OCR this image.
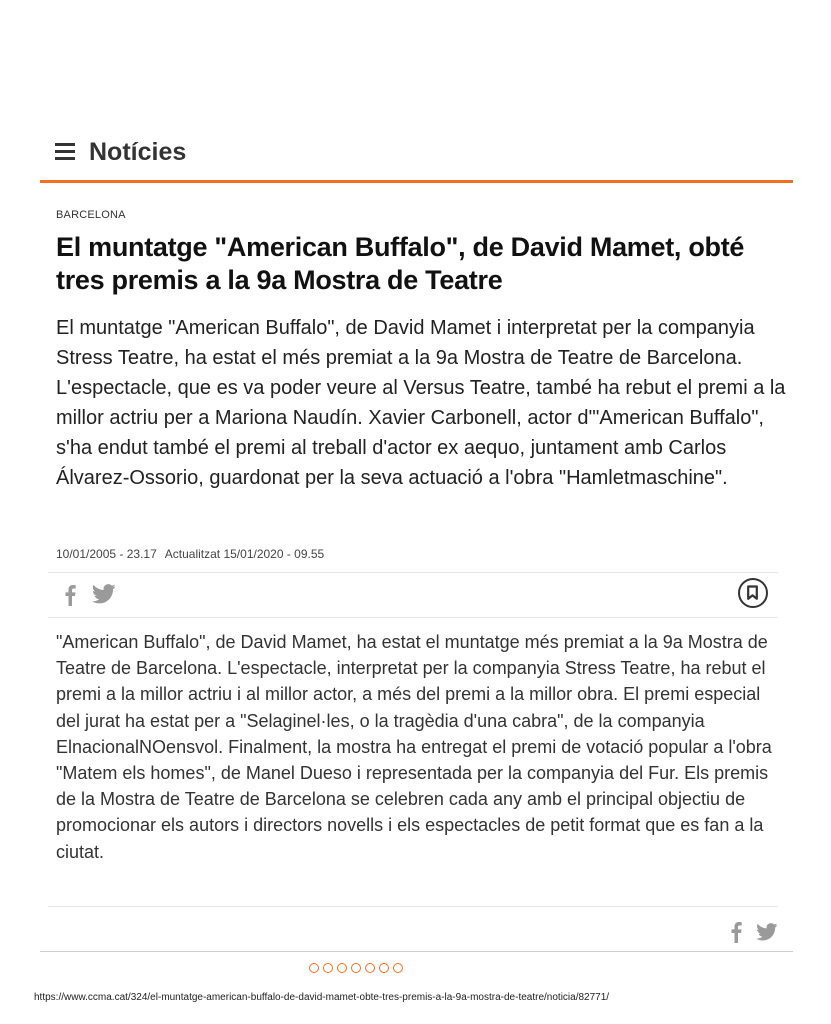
Notícies
BARCELONA
El muntatge "American Buffalo", de David Mamet, obté tres premis a la 9a Mostra de Teatre
El muntatge "American Buffalo", de David Mamet i interpretat per la companyia Stress Teatre, ha estat el més premiat a la 9a Mostra de Teatre de Barcelona. L'espectacle, que es va poder veure al Versus Teatre, també ha rebut el premi a la millor actriu per a Mariona Naudín. Xavier Carbonell, actor d'"American Buffalo", s'ha endut també el premi al treball d'actor ex aequo, juntament amb Carlos Álvarez-Ossorio, guardonat per la seva actuació a l'obra "Hamletmaschine".
10/01/2005 - 23.17 Actualitzat 15/01/2020 - 09.55
"American Buffalo", de David Mamet, ha estat el muntatge més premiat a la 9a Mostra de Teatre de Barcelona. L'espectacle, interpretat per la companyia Stress Teatre, ha rebut el premi a la millor actriu i al millor actor, a més del premi a la millor obra. El premi especial del jurat ha estat per a "Selaginel·les, o la tragèdia d'una cabra", de la companyia ElnacionalNOensvol. Finalment, la mostra ha entregat el premi de votació popular a l'obra "Matem els homes", de Manel Dueso i representada per la companyia del Fur. Els premis de la Mostra de Teatre de Barcelona se celebren cada any amb el principal objectiu de promocionar els autors i directors novells i els espectacles de petit format que es fan a la ciutat.
https://www.ccma.cat/324/el-muntatge-american-buffalo-de-david-mamet-obte-tres-premis-a-la-9a-mostra-de-teatre/noticia/82771/
